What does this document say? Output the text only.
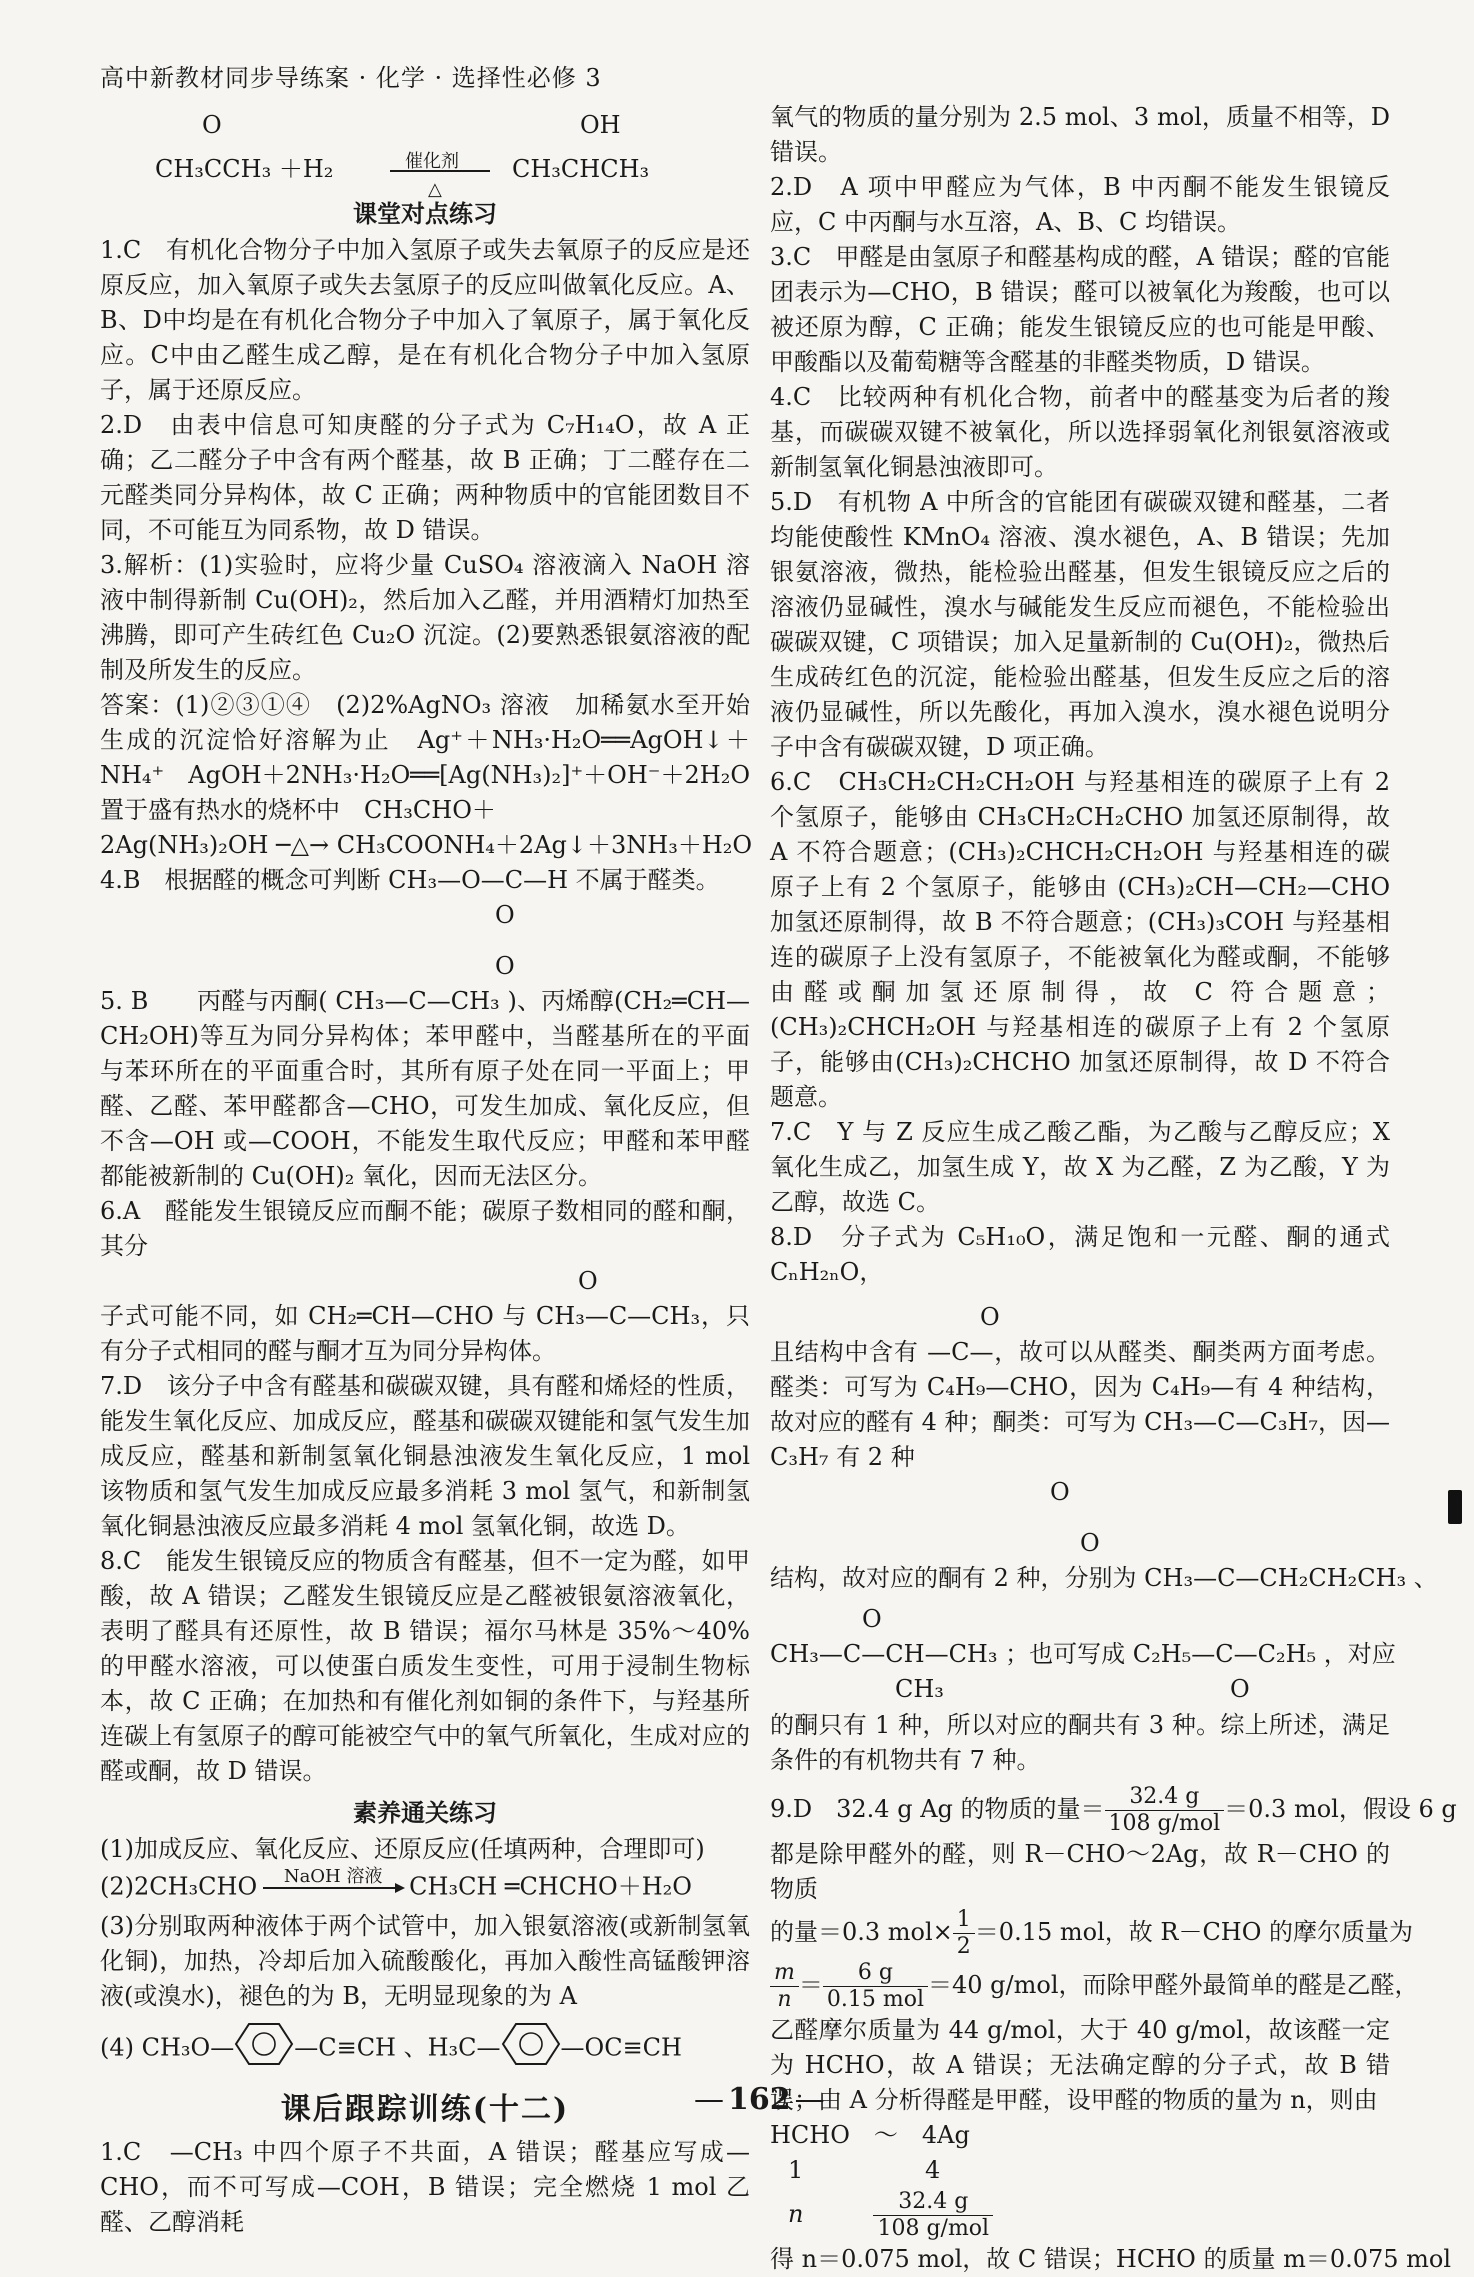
高中新教材同步导练案 · 化学 · 选择性必修 3
O
CH₃CCH₃ ＋H₂	催化剂
△
OH
CH₃CHCH₃
课堂对点练习

1.C　有机化合物分子中加入氢原子或失去氧原子的反应是还原反应，加入氧原子或失去氢原子的反应叫做氧化反应。A、B、D中均是在有机化合物分子中加入了氧原子，属于氧化反应。C中由乙醛生成乙醇，是在有机化合物分子中加入氢原子，属于还原反应。

2.D　由表中信息可知庚醛的分子式为 C₇H₁₄O，故 A 正确；乙二醛分子中含有两个醛基，故 B 正确；丁二醛存在二元醛类同分异构体，故 C 正确；两种物质中的官能团数目不同，不可能互为同系物，故 D 错误。

3.解析：(1)实验时，应将少量 CuSO₄ 溶液滴入 NaOH 溶液中制得新制 Cu(OH)₂，然后加入乙醛，并用酒精灯加热至沸腾，即可产生砖红色 Cu₂O 沉淀。(2)要熟悉银氨溶液的配制及所发生的反应。

答案：(1)②③①④　(2)2%AgNO₃ 溶液　加稀氨水至开始生成的沉淀恰好溶解为止　Ag⁺＋NH₃·H₂O══AgOH↓＋NH₄⁺　AgOH＋2NH₃·H₂O══[Ag(NH₃)₂]⁺＋OH⁻＋2H₂O　置于盛有热水的烧杯中　CH₃CHO＋

2Ag(NH₃)₂OH ─△→ CH₃COONH₄＋2Ag↓＋3NH₃＋H₂O

4.B　根据醛的概念可判断 CH₃—O—C—H 不属于醛类。

O
O

5. B　　丙醛与丙酮( CH₃—C—CH₃ )、丙烯醇(CH₂═CH—CH₂OH)等互为同分异构体；苯甲醛中，当醛基所在的平面与苯环所在的平面重合时，其所有原子处在同一平面上；甲醛、乙醛、苯甲醛都含—CHO，可发生加成、氧化反应，但不含—OH 或—COOH，不能发生取代反应；甲醛和苯甲醛都能被新制的 Cu(OH)₂ 氧化，因而无法区分。

6.A　醛能发生银镜反应而酮不能；碳原子数相同的醛和酮，其分

O

子式可能不同，如 CH₂═CH—CHO 与 CH₃—C—CH₃，只有分子式相同的醛与酮才互为同分异构体。

7.D　该分子中含有醛基和碳碳双键，具有醛和烯烃的性质，能发生氧化反应、加成反应，醛基和碳碳双键能和氢气发生加成反应，醛基和新制氢氧化铜悬浊液发生氧化反应，1 mol 该物质和氢气发生加成反应最多消耗 3 mol 氢气，和新制氢氧化铜悬浊液反应最多消耗 4 mol 氢氧化铜，故选 D。

8.C　能发生银镜反应的物质含有醛基，但不一定为醛，如甲酸，故 A 错误；乙醛发生银镜反应是乙醛被银氨溶液氧化，表明了醛具有还原性，故 B 错误；福尔马林是 35%～40%的甲醛水溶液，可以使蛋白质发生变性，可用于浸制生物标本，故 C 正确；在加热和有催化剂如铜的条件下，与羟基所连碳上有氢原子的醇可能被空气中的氧气所氧化，生成对应的醛或酮，故 D 错误。

素养通关练习

(1)加成反应、氧化反应、还原反应(任填两种，合理即可)

(2)2CH₃CHO	NaOH 溶液
	CH₃CH ═CHCHO＋H₂O

(3)分别取两种液体于两个试管中，加入银氨溶液(或新制氢氧化铜)，加热，冷却后加入硫酸酸化，再加入酸性高锰酸钾溶液(或溴水)，褪色的为 B，无明显现象的为 A

(4) CH₃O—	—C≡CH 、H₃C—	—OC≡CH

课后跟踪训练(十二)

1.C　—CH₃ 中四个原子不共面，A 错误；醛基应写成—CHO，而不可写成—COH，B 错误；完全燃烧 1 mol 乙醛、乙醇消耗

氧气的物质的量分别为 2.5 mol、3 mol，质量不相等，D 错误。

2.D　A 项中甲醛应为气体，B 中丙酮不能发生银镜反应，C 中丙酮与水互溶，A、B、C 均错误。

3.C　甲醛是由氢原子和醛基构成的醛，A 错误；醛的官能团表示为—CHO，B 错误；醛可以被氧化为羧酸，也可以被还原为醇，C 正确；能发生银镜反应的也可能是甲酸、甲酸酯以及葡萄糖等含醛基的非醛类物质，D 错误。

4.C　比较两种有机化合物，前者中的醛基变为后者的羧基，而碳碳双键不被氧化，所以选择弱氧化剂银氨溶液或新制氢氧化铜悬浊液即可。

5.D　有机物 A 中所含的官能团有碳碳双键和醛基，二者均能使酸性 KMnO₄ 溶液、溴水褪色，A、B 错误；先加银氨溶液，微热，能检验出醛基，但发生银镜反应之后的溶液仍显碱性，溴水与碱能发生反应而褪色，不能检验出碳碳双键，C 项错误；加入足量新制的 Cu(OH)₂，微热后生成砖红色的沉淀，能检验出醛基，但发生反应之后的溶液仍显碱性，所以先酸化，再加入溴水，溴水褪色说明分子中含有碳碳双键，D 项正确。

6.C　CH₃CH₂CH₂CH₂OH 与羟基相连的碳原子上有 2 个氢原子，能够由 CH₃CH₂CH₂CHO 加氢还原制得，故 A 不符合题意；(CH₃)₂CHCH₂CH₂OH 与羟基相连的碳原子上有 2 个氢原子，能够由 (CH₃)₂CH—CH₂—CHO 加氢还原制得，故 B 不符合题意；(CH₃)₃COH 与羟基相连的碳原子上没有氢原子，不能被氧化为醛或酮，不能够由醛或酮加氢还原制得，故 C 符合题意；(CH₃)₂CHCH₂OH 与羟基相连的碳原子上有 2 个氢原子，能够由(CH₃)₂CHCHO 加氢还原制得，故 D 不符合题意。

7.C　Y 与 Z 反应生成乙酸乙酯，为乙酸与乙醇反应；X 氧化生成乙，加氢生成 Y，故 X 为乙醛，Z 为乙酸，Y 为乙醇，故选 C。

8.D　分子式为 C₅H₁₀O，满足饱和一元醛、酮的通式 CₙH₂ₙO，

O

且结构中含有 —C—，故可以从醛类、酮类两方面考虑。醛类：可写为 C₄H₉—CHO，因为 C₄H₉—有 4 种结构，故对应的醛有 4 种；酮类：可写为 CH₃—C—C₃H₇，因—C₃H₇ 有 2 种

O
O

结构，故对应的酮有 2 种，分别为 CH₃—C—CH₂CH₂CH₃ 、

O

CH₃—C—CH—CH₃ ；也可写成 C₂H₅—C—C₂H₅ ，对应

CH₃	O

的酮只有 1 种，所以对应的酮共有 3 种。综上所述，满足条件的有机物共有 7 种。

9.D　32.4 g Ag 的物质的量＝ $\frac{32.4 g}{\text{108 g/mol}} =0.3$ mol，假设 6 g

都是除甲醛外的醛，则 R－CHO～2Ag，故 R－CHO 的物质

的量＝0.3 $mol\times \frac{1}{2} =0.15$ mol，故 R－CHO 的摩尔质量为

$\frac{m}{n} = \frac{6 g}{\text{0.15 mol}} =40$ g/mol，而除甲醛外最简单的醛是乙醛，

乙醛摩尔质量为 44 g/mol，大于 40 g/mol，故该醛一定为 HCHO，故 A 错误；无法确定醇的分子式，故 B 错误；由 A 分析得醛是甲醛，设甲醛的物质的量为 n，则由

HCHO　～　4Ag

1	4

n	$\frac{32.4 g}{\text{108 g/mol}}$

得 n＝0.075 mol，故 C 错误；HCHO 的质量 m＝0.075 mol

— 162 —
